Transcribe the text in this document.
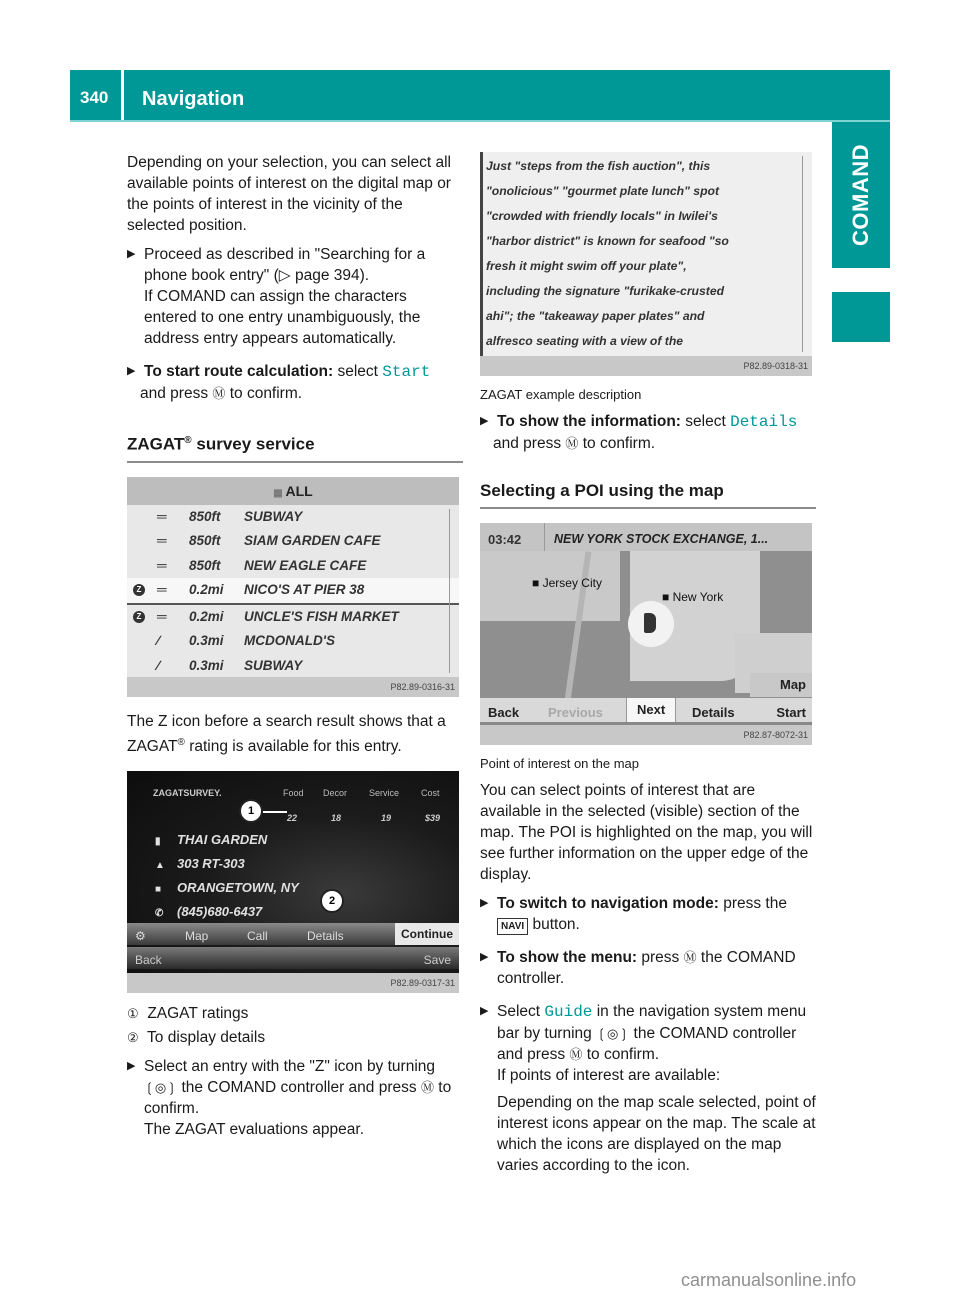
340	Navigation
COMAND

Depending on your selection, you can select all available points of interest on the digital map or the points of interest in the vicinity of the selected position.

▶ Proceed as described in "Searching for a phone book entry" (▷ page 394).
If COMAND can assign the characters entered to one entry unambiguously, the address entry appears automatically.
▶ To start route calculation: select Start
and press Ⓜ to confirm.
ZAGAT® survey service
▦ ALL
═ 850ft SUBWAY
═ 850ft SIAM GARDEN CAFE
═ 850ft NEW EAGLE CAFE
Z ═ 0.2mi NICO'S AT PIER 38
Z ═ 0.2mi UNCLE'S FISH MARKET
∕ 0.3mi MCDONALD'S
∕ 0.3mi SUBWAY
P82.89-0316-31

The Z icon before a search result shows that a ZAGAT® rating is available for this entry.

ZAGATSURVEY.	Food Decor Service Cost
22	18	19	$39
1
▮ THAI GARDEN
▲ 303 RT-303
■ ORANGETOWN, NY
✆ (845)680-6437
2
⚙	Map	Call	Details	Continue
Back	Save
P82.89-0317-31
① ZAGAT ratings
② To display details
▶ Select an entry with the "Z" icon by turning ❲◎❳ the COMAND controller and press Ⓜ to confirm.
The ZAGAT evaluations appear.
Just "steps from the fish auction", this
"onolicious" "gourmet plate lunch" spot
"crowded with friendly locals" in Iwilei's
"harbor district" is known for seafood "so
fresh it might swim off your plate",
including the signature "furikake-crusted
ahi"; the "takeaway paper plates" and
alfresco seating with a view of the
P82.89-0318-31
ZAGAT example description
▶ To show the information: select Details
and press Ⓜ to confirm.
Selecting a POI using the map
03:42	NEW YORK STOCK EXCHANGE, 1...
■ Jersey City
■ New York
Map
Back Previous	Next	Details	Start
P82.87-8072-31
Point of interest on the map

You can select points of interest that are available in the selected (visible) section of the map. The POI is highlighted on the map, you will see further information on the upper edge of the display.

▶ To switch to navigation mode: press the
NAVI button.
▶ To show the menu: press Ⓜ the COMAND controller.
▶ Select Guide in the navigation system menu bar by turning ❲◎❳ the COMAND controller and press Ⓜ to confirm.
If points of interest are available:
Depending on the map scale selected, point of interest icons appear on the map. The scale at which the icons are displayed on the map varies according to the icon.
carmanualsonline.info
